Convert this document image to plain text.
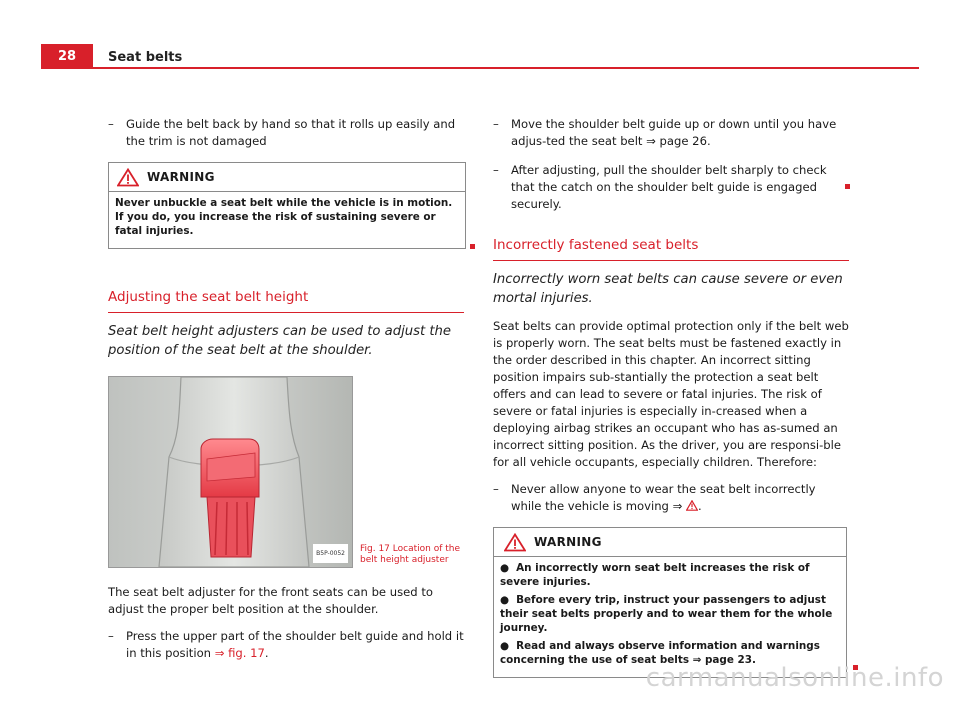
28	Seat belts
– Guide the belt back by hand so that it rolls up easily and the trim is not damaged
WARNING

Never unbuckle a seat belt while the vehicle is in motion. If you do, you increase the risk of sustaining severe or fatal injuries.

Adjusting the seat belt height
Seat belt height adjusters can be used to adjust the position of the seat belt at the shoulder.
B5P-0052	Fig. 17 Location of the belt height adjuster

The seat belt adjuster for the front seats can be used to adjust the proper belt position at the shoulder.

– Press the upper part of the shoulder belt guide and hold it in this position ⇒ fig. 17.
– Move the shoulder belt guide up or down until you have adjus-ted the seat belt ⇒ page 26.
– After adjusting, pull the shoulder belt sharply to check that the catch on the shoulder belt guide is engaged securely.
Incorrectly fastened seat belts
Incorrectly worn seat belts can cause severe or even mortal injuries.

Seat belts can provide optimal protection only if the belt web is properly worn. The seat belts must be fastened exactly in the order described in this chapter. An incorrect sitting position impairs sub-stantially the protection a seat belt offers and can lead to severe or fatal injuries. The risk of severe or fatal injuries is especially in-creased when a deploying airbag strikes an occupant who has as-sumed an incorrect sitting position. As the driver, you are responsi-ble for all vehicle occupants, especially children. Therefore:

– Never allow anyone to wear the seat belt incorrectly while the vehicle is moving ⇒ .
WARNING

● An incorrectly worn seat belt increases the risk of severe injuries.

● Before every trip, instruct your passengers to adjust their seat belts properly and to wear them for the whole journey.

● Read and always observe information and warnings concerning the use of seat belts ⇒ page 23.

carmanualsonline.info
